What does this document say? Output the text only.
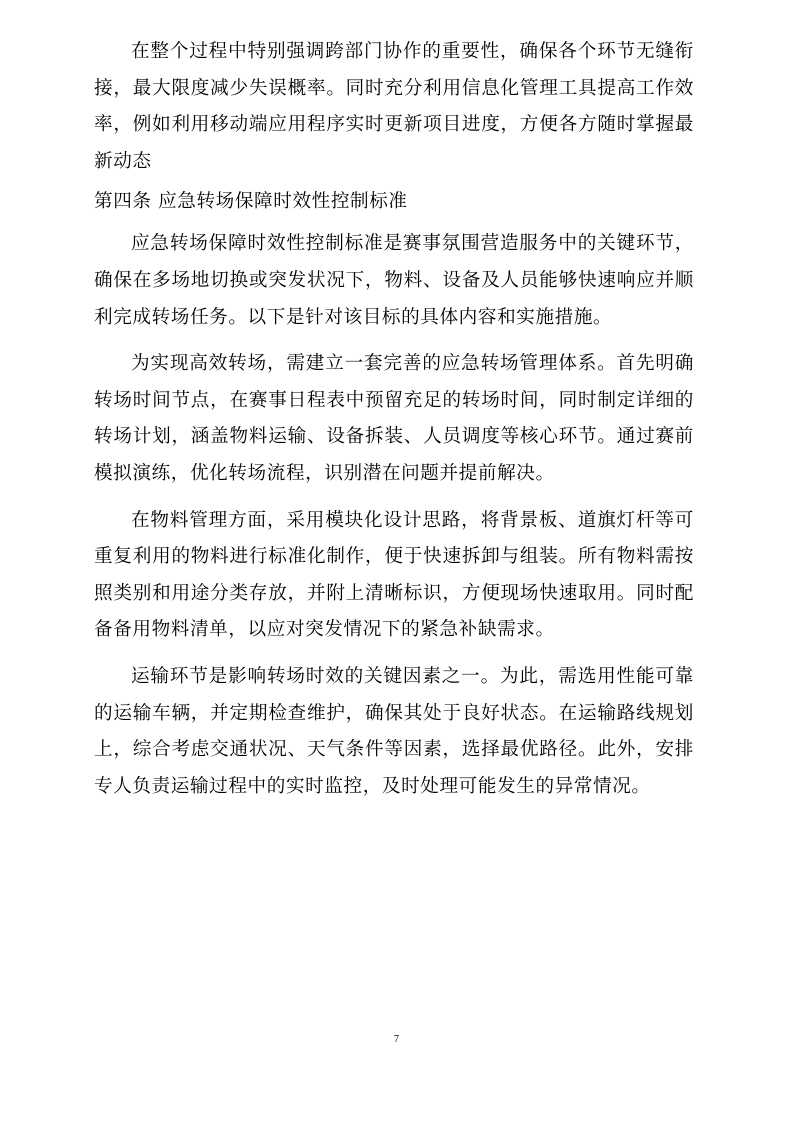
在整个过程中特别强调跨部门协作的重要性，确保各个环节无缝衔接，最大限度减少失误概率。同时充分利用信息化管理工具提高工作效率，例如利用移动端应用程序实时更新项目进度，方便各方随时掌握最新动态

第四条 应急转场保障时效性控制标准

应急转场保障时效性控制标准是赛事氛围营造服务中的关键环节，确保在多场地切换或突发状况下，物料、设备及人员能够快速响应并顺利完成转场任务。以下是针对该目标的具体内容和实施措施。

为实现高效转场，需建立一套完善的应急转场管理体系。首先明确转场时间节点，在赛事日程表中预留充足的转场时间，同时制定详细的转场计划，涵盖物料运输、设备拆装、人员调度等核心环节。通过赛前模拟演练，优化转场流程，识别潜在问题并提前解决。

在物料管理方面，采用模块化设计思路，将背景板、道旗灯杆等可重复利用的物料进行标准化制作，便于快速拆卸与组装。所有物料需按照类别和用途分类存放，并附上清晰标识，方便现场快速取用。同时配备备用物料清单，以应对突发情况下的紧急补缺需求。

运输环节是影响转场时效的关键因素之一。为此，需选用性能可靠的运输车辆，并定期检查维护，确保其处于良好状态。在运输路线规划上，综合考虑交通状况、天气条件等因素，选择最优路径。此外，安排专人负责运输过程中的实时监控，及时处理可能发生的异常情况。

7
